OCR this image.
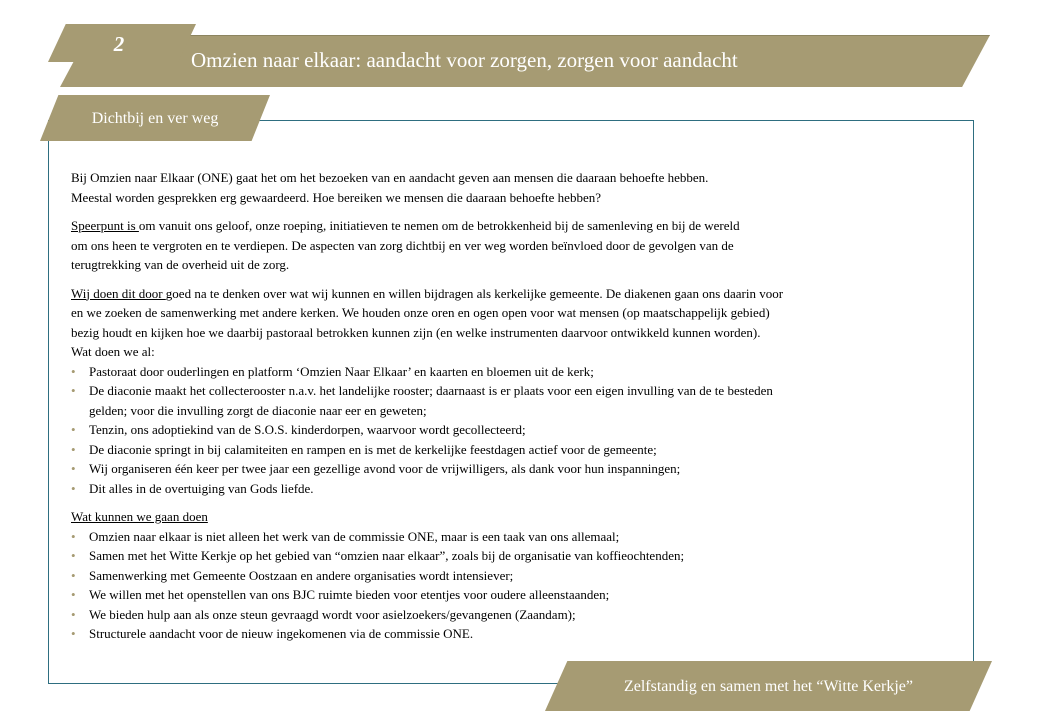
2
Omzien naar elkaar: aandacht voor zorgen, zorgen voor aandacht
Dichtbij en ver weg

Bij Omzien naar Elkaar (ONE) gaat het om het bezoeken van en aandacht geven aan mensen die daaraan behoefte hebben.
Meestal worden gesprekken erg gewaardeerd. Hoe bereiken we mensen die daaraan behoefte hebben?

Speerpunt is om vanuit ons geloof, onze roeping, initiatieven te nemen om de betrokkenheid bij de samenleving en bij de wereld
om ons heen te vergroten en te verdiepen. De aspecten van zorg dichtbij en ver weg worden beïnvloed door de gevolgen van de
terugtrekking van de overheid uit de zorg.

Wij doen dit door goed na te denken over wat wij kunnen en willen bijdragen als kerkelijke gemeente. De diakenen gaan ons daarin voor
en we zoeken de samenwerking met andere kerken. We houden onze oren en ogen open voor wat mensen (op maatschappelijk gebied)
bezig houdt en kijken hoe we daarbij pastoraal betrokken kunnen zijn (en welke instrumenten daarvoor ontwikkeld kunnen worden).
Wat doen we al:

• Pastoraat door ouderlingen en platform ‘Omzien Naar Elkaar’ en kaarten en bloemen uit de kerk;
• De diaconie maakt het collecterooster n.a.v. het landelijke rooster; daarnaast is er plaats voor een eigen invulling van de te besteden
gelden; voor die invulling zorgt de diaconie naar eer en geweten;
• Tenzin, ons adoptiekind van de S.O.S. kinderdorpen, waarvoor wordt gecollecteerd;
• De diaconie springt in bij calamiteiten en rampen en is met de kerkelijke feestdagen actief voor de gemeente;
• Wij organiseren één keer per twee jaar een gezellige avond voor de vrijwilligers, als dank voor hun inspanningen;
• Dit alles in de overtuiging van Gods liefde.

Wat kunnen we gaan doen

• Omzien naar elkaar is niet alleen het werk van de commissie ONE, maar is een taak van ons allemaal;
• Samen met het Witte Kerkje op het gebied van “omzien naar elkaar”, zoals bij de organisatie van koffieochtenden;
• Samenwerking met Gemeente Oostzaan en andere organisaties wordt intensiever;
• We willen met het openstellen van ons BJC ruimte bieden voor etentjes voor oudere alleenstaanden;
• We bieden hulp aan als onze steun gevraagd wordt voor asielzoekers/gevangenen (Zaandam);
• Structurele aandacht voor de nieuw ingekomenen via de commissie ONE.
Zelfstandig en samen met het “Witte Kerkje”
